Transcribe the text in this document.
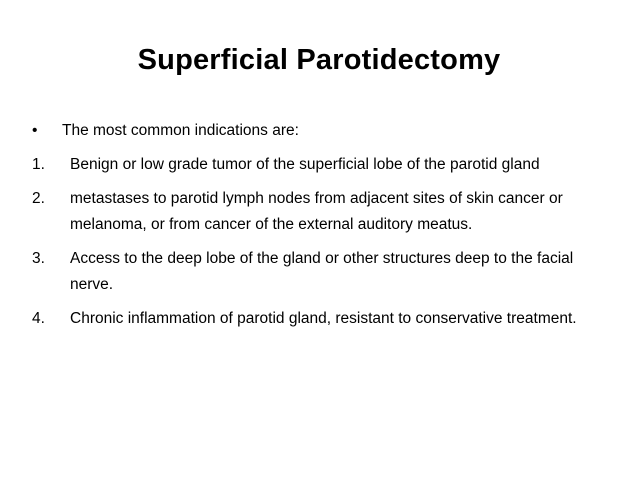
Superficial Parotidectomy
•	The most common indications are:
1.	Benign or low grade tumor of the superficial lobe of the parotid gland
2.	metastases to parotid lymph nodes from adjacent sites of skin cancer or melanoma, or from cancer of the external auditory meatus.
3.	Access to the deep lobe of the gland or other structures deep to the facial nerve.
4.	Chronic inflammation of parotid gland, resistant to conservative treatment.
